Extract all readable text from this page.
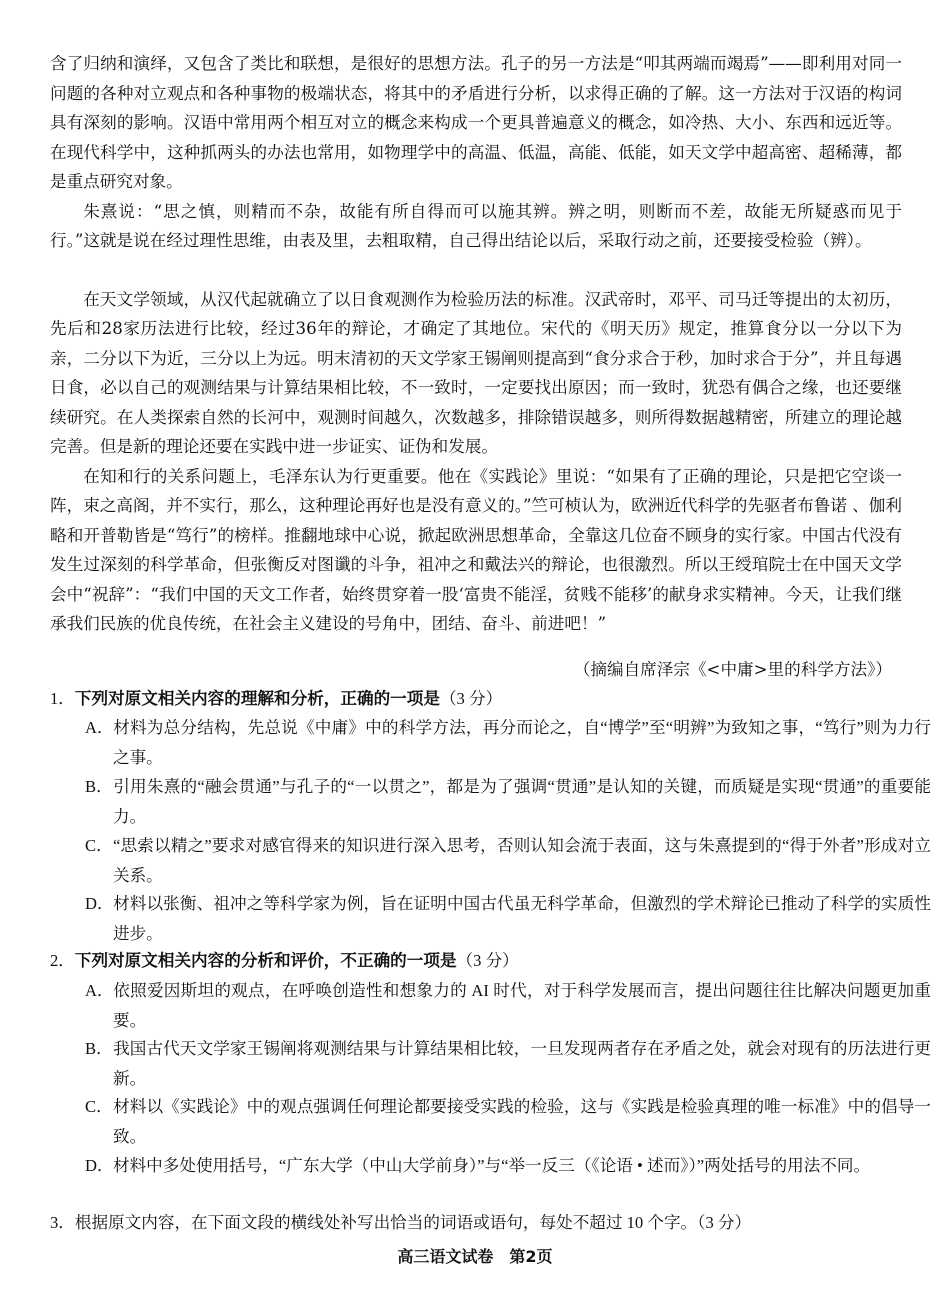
含了归纳和演绎，又包含了类比和联想，是很好的思想方法。孔子的另一方法是“叩其两端而竭焉”——即利用对同一问题的各种对立观点和各种事物的极端状态，将其中的矛盾进行分析，以求得正确的了解。这一方法对于汉语的构词具有深刻的影响。汉语中常用两个相互对立的概念来构成一个更具普遍意义的概念，如冷热、大小、东西和远近等。在现代科学中，这种抓两头的办法也常用，如物理学中的高温、低温，高能、低能，如天文学中超高密、超稀薄，都是重点研究对象。

朱熹说：“思之慎，则精而不杂，故能有所自得而可以施其辨。辨之明，则断而不差，故能无所疑惑而见于行。”这就是说在经过理性思维，由表及里，去粗取精，自己得出结论以后，采取行动之前，还要接受检验（辨）。

在天文学领域，从汉代起就确立了以日食观测作为检验历法的标准。汉武帝时，邓平、司马迁等提出的太初历，先后和28家历法进行比较，经过36年的辩论，才确定了其地位。宋代的《明天历》规定，推算食分以一分以下为亲，二分以下为近，三分以上为远。明末清初的天文学家王锡阐则提高到“食分求合于秒，加时求合于分”，并且每遇日食，必以自己的观测结果与计算结果相比较，不一致时，一定要找出原因；而一致时，犹恐有偶合之缘，也还要继续研究。在人类探索自然的长河中，观测时间越久，次数越多，排除错误越多，则所得数据越精密，所建立的理论越完善。但是新的理论还要在实践中进一步证实、证伪和发展。

在知和行的关系问题上，毛泽东认为行更重要。他在《实践论》里说：“如果有了正确的理论，只是把它空谈一阵，束之高阁，并不实行，那么，这种理论再好也是没有意义的。”竺可桢认为，欧洲近代科学的先驱者布鲁诺 、伽利略和开普勒皆是“笃行”的榜样。推翻地球中心说，掀起欧洲思想革命，全靠这几位奋不顾身的实行家。中国古代没有发生过深刻的科学革命，但张衡反对图谶的斗争，祖冲之和戴法兴的辩论，也很激烈。所以王绶琯院士在中国天文学会中“祝辞”：“我们中国的天文工作者，始终贯穿着一股‘富贵不能淫，贫贱不能移’的献身求实精神。今天，让我们继承我们民族的优良传统，在社会主义建设的号角中，团结、奋斗、前进吧！”

（摘编自席泽宗《<中庸>里的科学方法》）

1．下列对原文相关内容的理解和分析，正确的一项是（3 分）

A．材料为总分结构，先总说《中庸》中的科学方法，再分而论之，自“博学”至“明辨”为致知之事，“笃行”则为力行之事。

B．引用朱熹的“融会贯通”与孔子的“一以贯之”，都是为了强调“贯通”是认知的关键，而质疑是实现“贯通”的重要能力。

C．“思索以精之”要求对感官得来的知识进行深入思考，否则认知会流于表面，这与朱熹提到的“得于外者”形成对立关系。

D．材料以张衡、祖冲之等科学家为例，旨在证明中国古代虽无科学革命，但激烈的学术辩论已推动了科学的实质性进步。

2．下列对原文相关内容的分析和评价，不正确的一项是（3 分）

A．依照爱因斯坦的观点，在呼唤创造性和想象力的 AI 时代，对于科学发展而言，提出问题往往比解决问题更加重要。

B．我国古代天文学家王锡阐将观测结果与计算结果相比较，一旦发现两者存在矛盾之处，就会对现有的历法进行更新。

C．材料以《实践论》中的观点强调任何理论都要接受实践的检验，这与《实践是检验真理的唯一标准》中的倡导一致。

D．材料中多处使用括号，“广东大学（中山大学前身）”与“举一反三（《论语 • 述而》）”两处括号的用法不同。

3．根据原文内容，在下面文段的横线处补写出恰当的词语或语句，每处不超过 10 个字。（3 分）

高三语文试卷　第2页
